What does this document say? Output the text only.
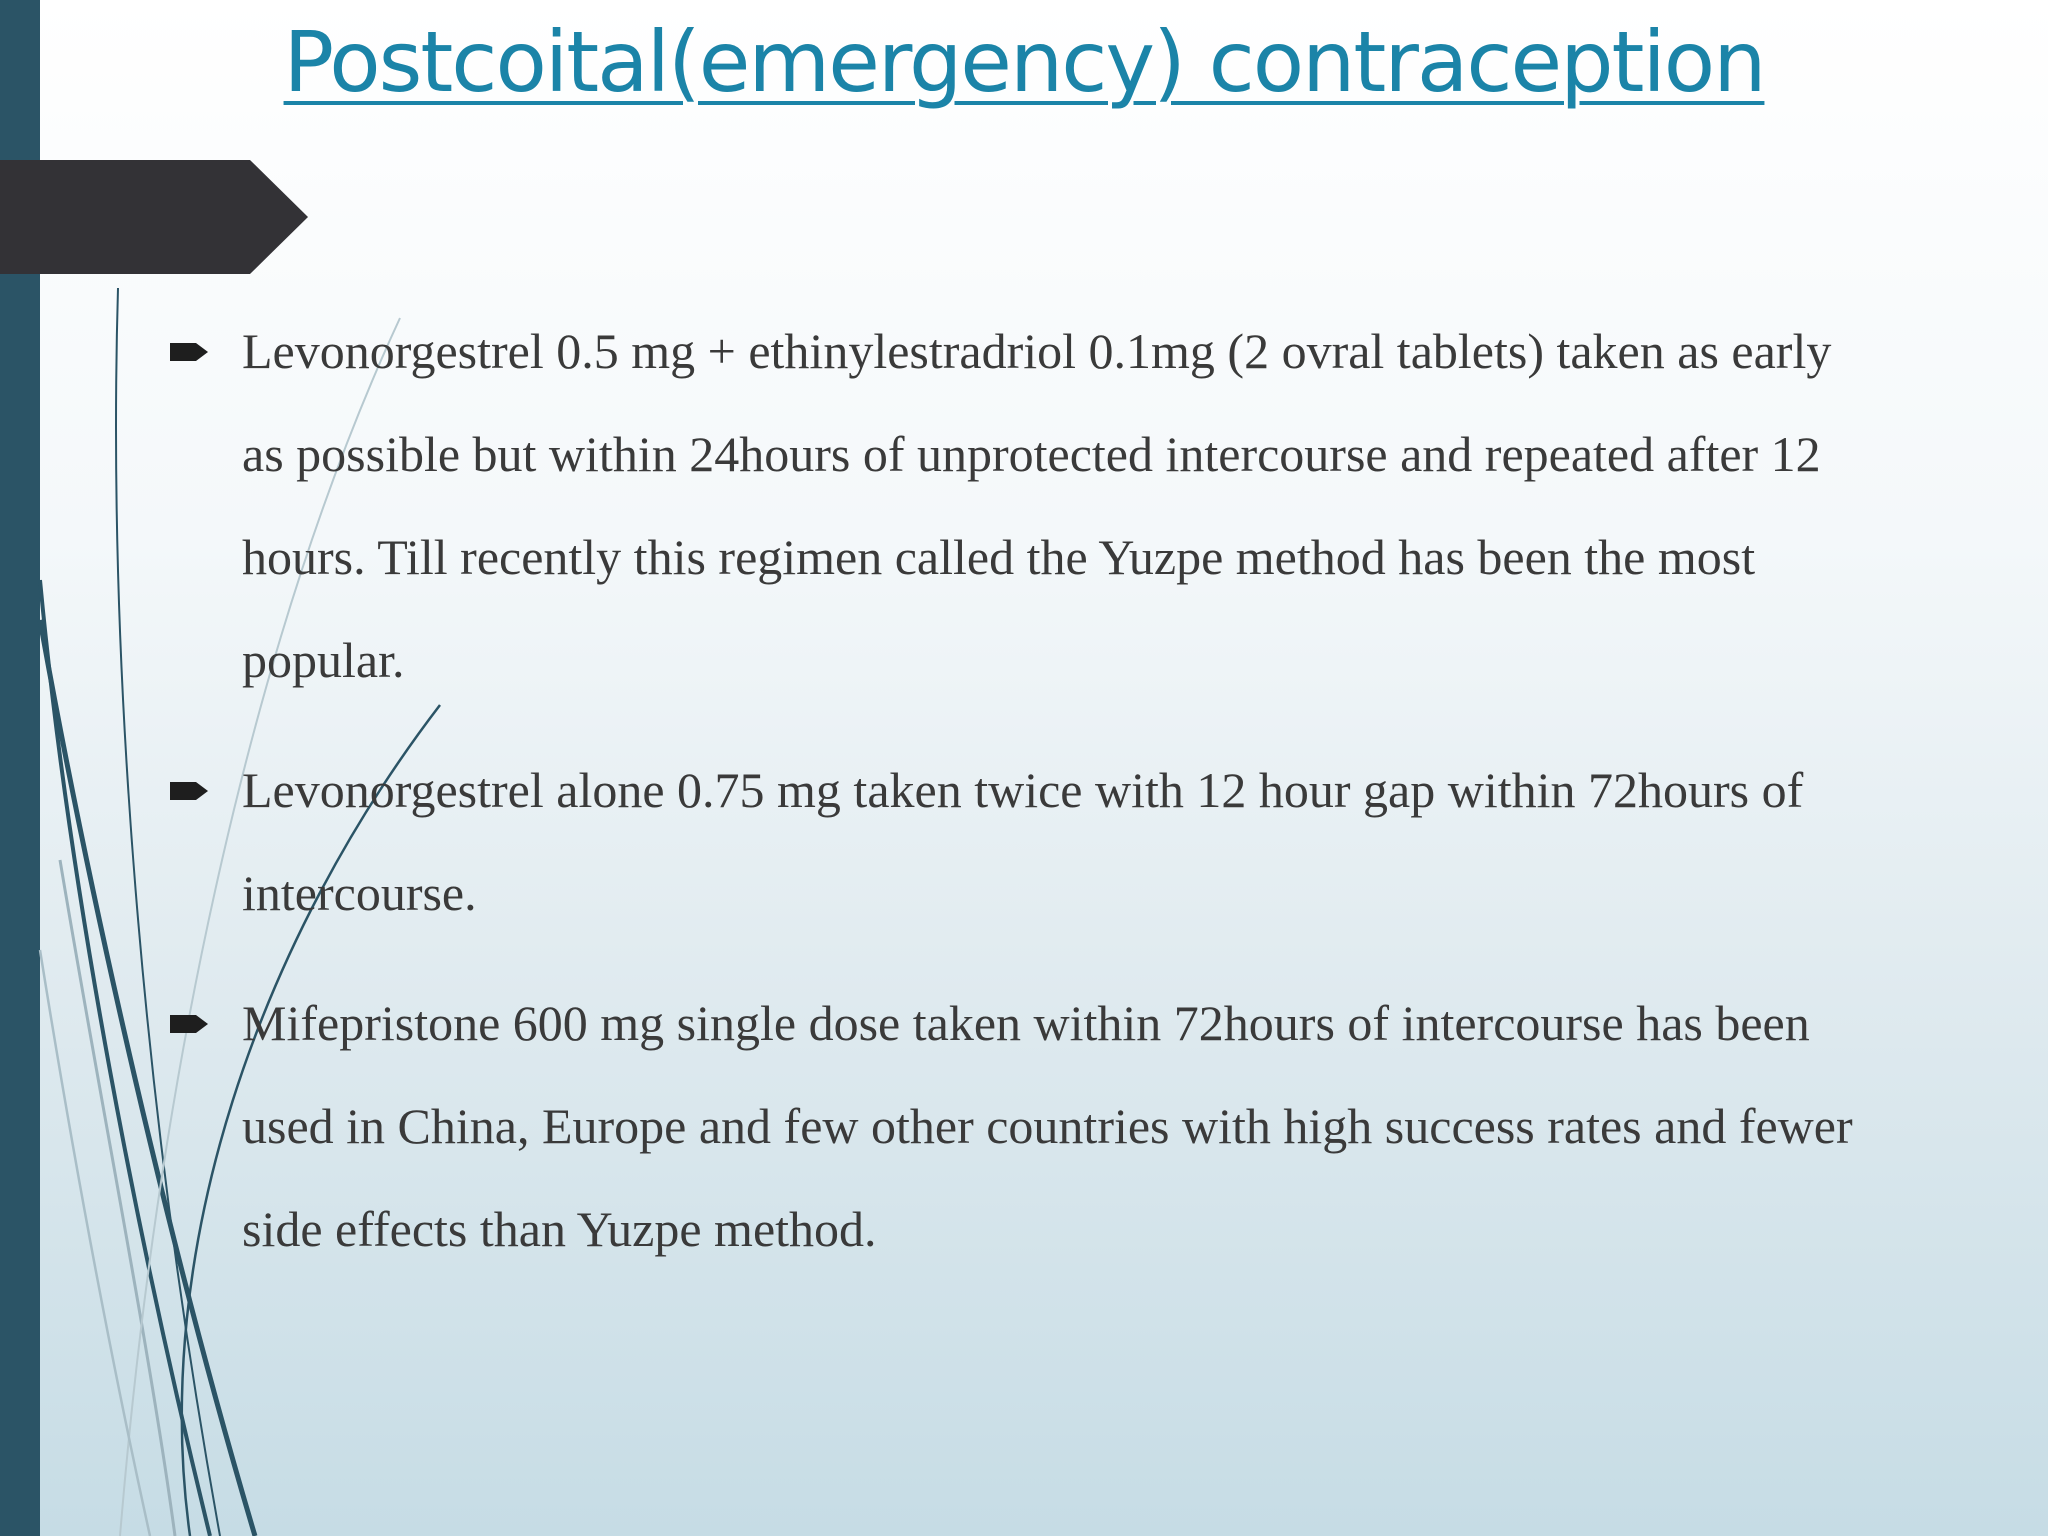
Postcoital(emergency) contraception
Levonorgestrel 0.5 mg + ethinylestradriol 0.1mg (2 ovral tablets) taken as early as possible but within 24hours of unprotected intercourse and repeated after 12 hours. Till recently this regimen called the Yuzpe method has been the most popular.
Levonorgestrel alone 0.75 mg taken twice with 12 hour gap within 72hours of intercourse.
Mifepristone 600 mg single dose taken within 72hours of intercourse has been used in China, Europe and few other countries with high success rates and fewer side effects than Yuzpe method.
